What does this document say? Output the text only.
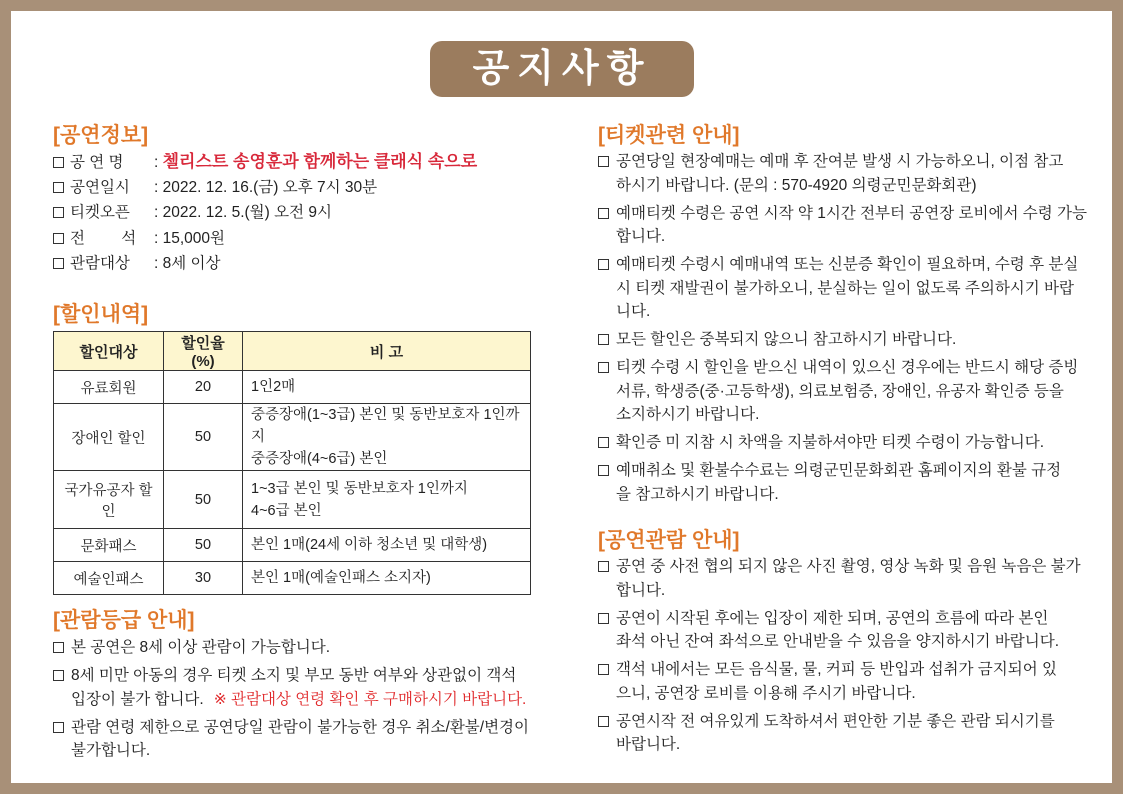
공지사항
[공연정보]
공 연 명 : 첼리스트 송영훈과 함께하는 클래식 속으로
공연일시 : 2022. 12. 16.(금) 오후 7시 30분
티켓오픈 : 2022. 12. 5.(월) 오전 9시
전 석 : 15,000원
관람대상 : 8세 이상
[할인내역]
할인대상	할인율(%)	비 고
유료회원	20	1인2매

장애인 할인	50	중증장애(1~3급) 본인 및 동반보호자 1인까지
중증장애(4~6급) 본인

국가유공자 할인	50	1~3급 본인 및 동반보호자 1인까지
4~6급 본인

문화패스	50	본인 1매(24세 이하 청소년 및 대학생)

예술인패스	30	본인 1매(예술인패스 소지자)
[관람등급 안내]
본 공연은 8세 이상 관람이 가능합니다.
8세 미만 아동의 경우 티켓 소지 및 부모 동반 여부와 상관없이 객석
입장이 불가 합니다. ※ 관람대상 연령 확인 후 구매하시기 바랍니다.
관람 연령 제한으로 공연당일 관람이 불가능한 경우 취소/환불/변경이
불가합니다.
[티켓관련 안내]
공연당일 현장예매는 예매 후 잔여분 발생 시 가능하오니, 이점 참고
하시기 바랍니다. (문의 : 570-4920 의령군민문화회관)
예매티켓 수령은 공연 시작 약 1시간 전부터 공연장 로비에서 수령 가능
합니다.
예매티켓 수령시 예매내역 또는 신분증 확인이 필요하며, 수령 후 분실
시 티켓 재발권이 불가하오니, 분실하는 일이 없도록 주의하시기 바랍
니다.
모든 할인은 중복되지 않으니 참고하시기 바랍니다.
티켓 수령 시 할인을 받으신 내역이 있으신 경우에는 반드시 해당 증빙
서류, 학생증(중·고등학생), 의료보험증, 장애인, 유공자 확인증 등을
소지하시기 바랍니다.
확인증 미 지참 시 차액을 지불하셔야만 티켓 수령이 가능합니다.
예매취소 및 환불수수료는 의령군민문화회관 홈페이지의 환불 규정
을 참고하시기 바랍니다.
[공연관람 안내]
공연 중 사전 협의 되지 않은 사진 촬영, 영상 녹화 및 음원 녹음은 불가
합니다.
공연이 시작된 후에는 입장이 제한 되며, 공연의 흐름에 따라 본인
좌석 아닌 잔여 좌석으로 안내받을 수 있음을 양지하시기 바랍니다.
객석 내에서는 모든 음식물, 물, 커피 등 반입과 섭취가 금지되어 있
으니, 공연장 로비를 이용해 주시기 바랍니다.
공연시작 전 여유있게 도착하셔서 편안한 기분 좋은 관람 되시기를
바랍니다.
